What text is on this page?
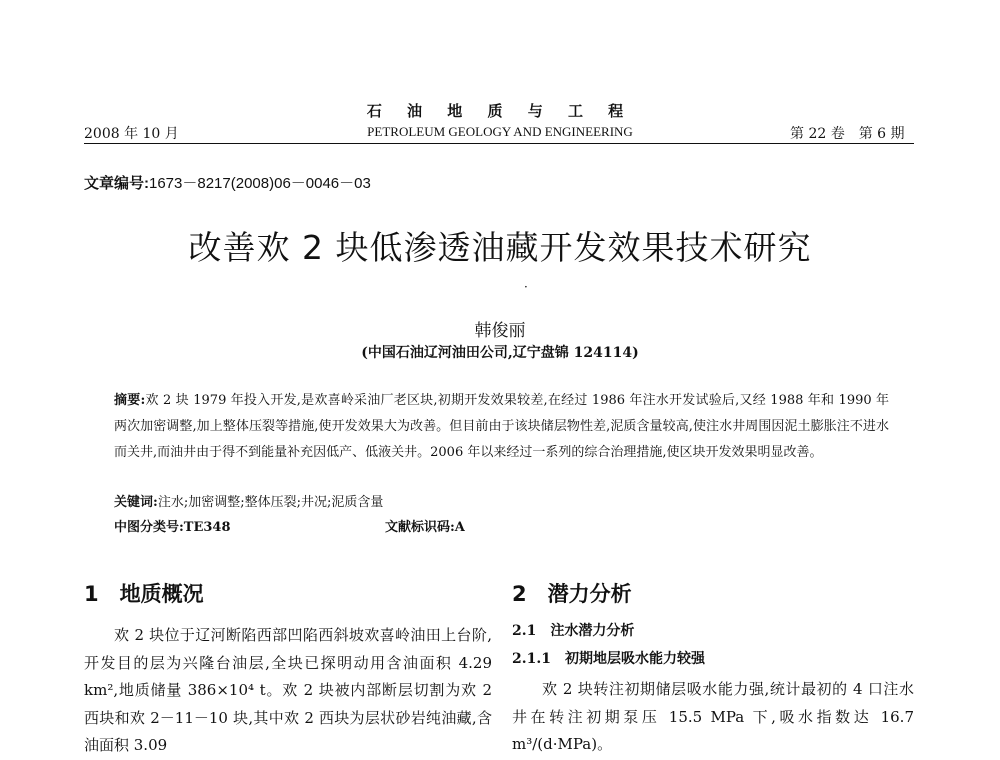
石 油 地 质 与 工 程
2008 年 10 月	PETROLEUM GEOLOGY AND ENGINEERING	第 22 卷　第 6 期
文章编号:1673－8217(2008)06－0046－03
改善欢 2 块低渗透油藏开发效果技术研究
·
韩俊丽
(中国石油辽河油田公司,辽宁盘锦 124114)
摘要:欢 2 块 1979 年投入开发,是欢喜岭采油厂老区块,初期开发效果较差,在经过 1986 年注水开发试验后,又经 1988 年和 1990 年两次加密调整,加上整体压裂等措施,使开发效果大为改善。但目前由于该块储层物性差,泥质含量较高,使注水井周围因泥土膨胀注不进水而关井,而油井由于得不到能量补充因低产、低液关井。2006 年以来经过一系列的综合治理措施,使区块开发效果明显改善。
关键词:注水;加密调整;整体压裂;井况;泥质含量
中图分类号:TE348	文献标识码:A
1　地质概况
欢 2 块位于辽河断陷西部凹陷西斜坡欢喜岭油田上台阶,开发目的层为兴隆台油层,全块已探明动用含油面积 4.29 km²,地质储量 386×10⁴ t。欢 2 块被内部断层切割为欢 2 西块和欢 2－11－10 块,其中欢 2 西块为层状砂岩纯油藏,含油面积 3.09
2　潜力分析
2.1　注水潜力分析
2.1.1　初期地层吸水能力较强
欢 2 块转注初期储层吸水能力强,统计最初的 4 口注水井在转注初期泵压 15.5 MPa 下,吸水指数达 16.7 m³/(d·MPa)。
